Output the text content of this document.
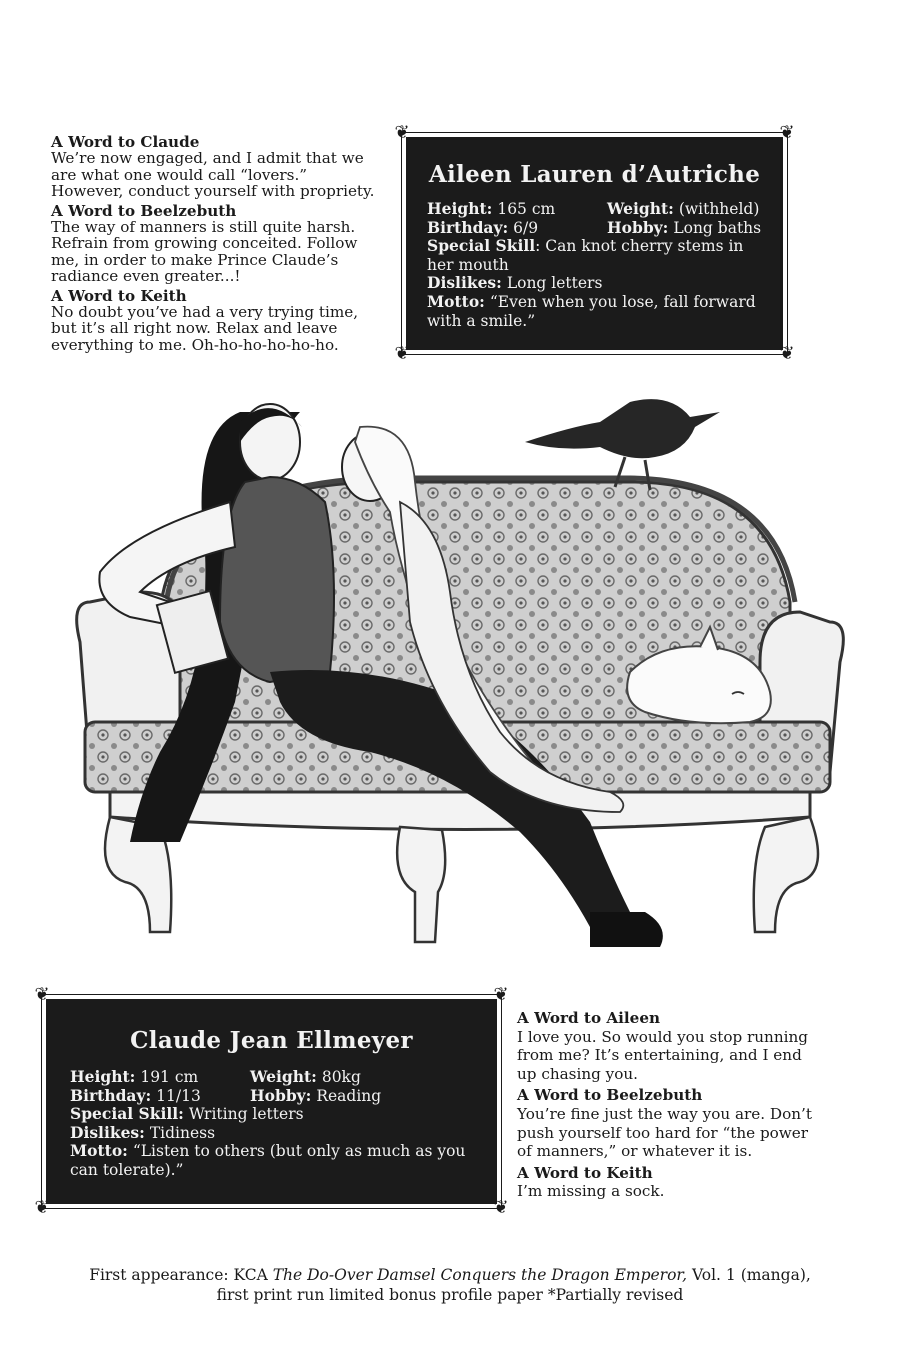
A Word to Claude

We’re now engaged, and I admit that we are what one would call “lovers.” However, conduct yourself with propriety.

A Word to Beelzebuth

The way of manners is still quite harsh. Refrain from growing conceited. Follow me, in order to make Prince Claude’s radiance even greater...!

A Word to Keith

No doubt you’ve had a very trying time, but it’s all right now. Relax and leave everything to me. Oh-ho-ho-ho-ho-ho.

❦	❦
❦	❦
Aileen Lauren d’Autriche
Height: 165 cm	Weight: (withheld)
Birthday: 6/9	Hobby: Long baths
Special Skill: Can knot cherry stems in her mouth
Dislikes: Long letters
Motto: “Even when you lose, fall forward with a smile.”
❦	❦
❦	❦
Claude Jean Ellmeyer
Height: 191 cm	Weight: 80kg
Birthday: 11/13	Hobby: Reading
Special Skill: Writing letters
Dislikes: Tidiness
Motto: “Listen to others (but only as much as you can tolerate).”
A Word to Aileen

I love you. So would you stop running from me? It’s entertaining, and I end up chasing you.

A Word to Beelzebuth

You’re fine just the way you are. Don’t push yourself too hard for “the power of manners,” or whatever it is.

A Word to Keith

I’m missing a sock.

First appearance: KCA The Do-Over Damsel Conquers the Dragon Emperor, Vol. 1 (manga),
first print run limited bonus profile paper *Partially revised
